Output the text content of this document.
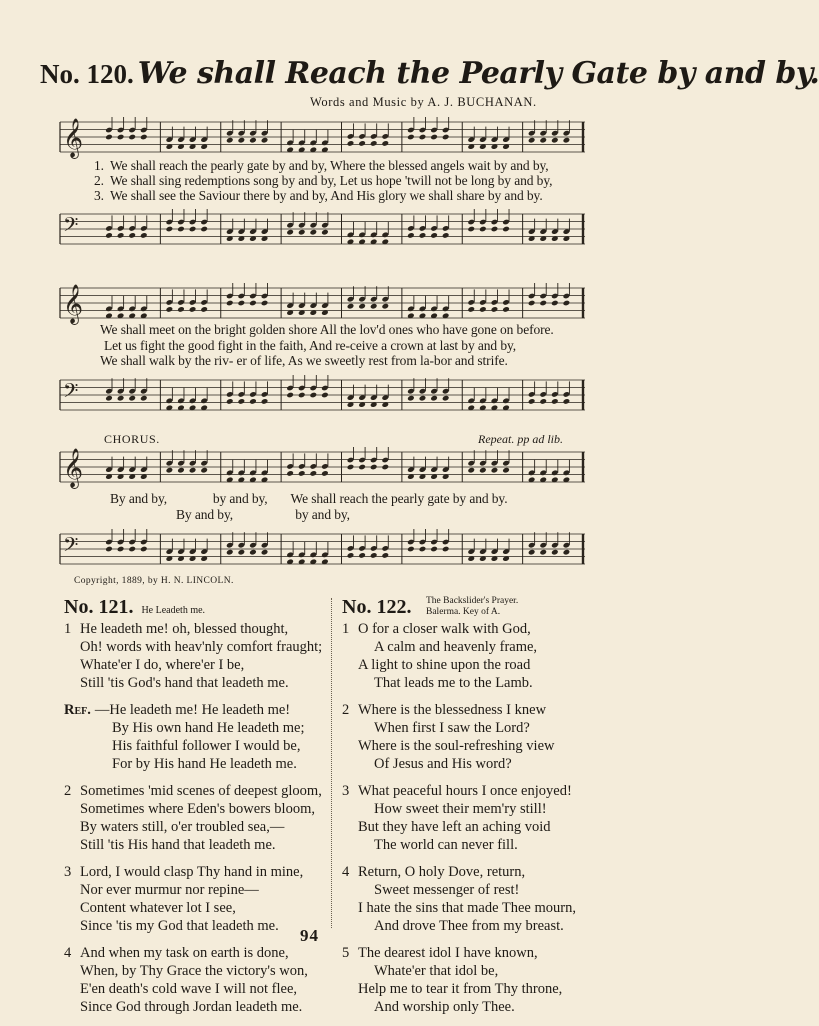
No. 120. We shall Reach the Pearly Gate by and by.
Words and Music by A. J. BUCHANAN.
𝄞
1. We shall reach the pearly gate by and by, Where the blessed angels wait by and by,
2. We shall sing redemptions song by and by, Let us hope 'twill not be long by and by,
3. We shall see the Saviour there by and by, And His glory we shall share by and by.
𝄢
𝄞
We shall meet on the bright golden shore All the lov'd ones who have gone on before.
Let us fight the good fight in the faith, And re-ceive a crown at last by and by,
We shall walk by the riv- er of life, As we sweetly rest from la-bor and strife.
𝄢
CHORUS.	Repeat. pp ad lib.
𝄞
By and by,              by and by,       We shall reach the pearly gate by and by.
By and by,                   by and by,
𝄢
Copyright, 1889, by H. N. LINCOLN.
No. 121. He Leadeth me.
1 He leadeth me! oh, blessed thought,
Oh! words with heav'nly comfort fraught;
Whate'er I do, where'er I be,
Still 'tis God's hand that leadeth me.
Ref. —He leadeth me! He leadeth me!
By His own hand He leadeth me;
His faithful follower I would be,
For by His hand He leadeth me.
2 Sometimes 'mid scenes of deepest gloom,
Sometimes where Eden's bowers bloom,
By waters still, o'er troubled sea,—
Still 'tis His hand that leadeth me.
3 Lord, I would clasp Thy hand in mine,
Nor ever murmur nor repine—
Content whatever lot I see,
Since 'tis my God that leadeth me.
4 And when my task on earth is done,
When, by Thy Grace the victory's won,
E'en death's cold wave I will not flee,
Since God through Jordan leadeth me.
No. 122. The Backslider's Prayer.
Balerma. Key of A.
1 O for a closer walk with God,
A calm and heavenly frame,
A light to shine upon the road
That leads me to the Lamb.
2 Where is the blessedness I knew
When first I saw the Lord?
Where is the soul-refreshing view
Of Jesus and His word?
3 What peaceful hours I once enjoyed!
How sweet their mem'ry still!
But they have left an aching void
The world can never fill.
4 Return, O holy Dove, return,
Sweet messenger of rest!
I hate the sins that made Thee mourn,
And drove Thee from my breast.
5 The dearest idol I have known,
Whate'er that idol be,
Help me to tear it from Thy throne,
And worship only Thee.
94
